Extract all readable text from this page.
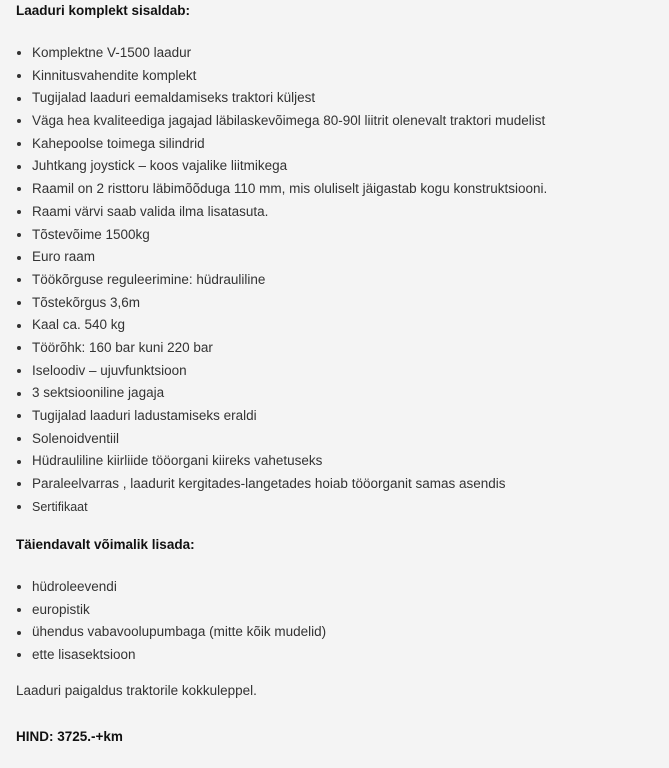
Laaduri komplekt sisaldab:
Komplektne V-1500 laadur
Kinnitusvahendite komplekt
Tugijalad laaduri eemaldamiseks traktori küljest
Väga hea kvaliteediga jagajad läbilaskevõimega 80-90l liitrit olenevalt traktori mudelist
Kahepoolse toimega silindrid
Juhtkang joystick – koos vajalike liitmikega
Raamil on 2 risttoru läbimõõduga 110 mm, mis oluliselt jäigastab kogu konstruktsiooni.
Raami värvi saab valida ilma lisatasuta.
Tõstevõime 1500kg
Euro raam
Töökõrguse reguleerimine: hüdrauliline
Tõstekõrgus 3,6m
Kaal ca. 540 kg
Töörõhk: 160 bar kuni 220 bar
Iseloodiv – ujuvfunktsioon
3 sektsiooniline jagaja
Tugijalad laaduri ladustamiseks eraldi
Solenoidventiil
Hüdrauliline kiirliide tööorgani kiireks vahetuseks
Paraleelvarras , laadurit kergitades-langetades hoiab tööorganit samas asendis
Sertifikaat
Täiendavalt võimalik lisada:
hüdroleevendi
europistik
ühendus vabavoolupumbaga (mitte kõik mudelid)
ette lisasektsioon

Laaduri paigaldus traktorile kokkuleppel.

HIND: 3725.-+km
